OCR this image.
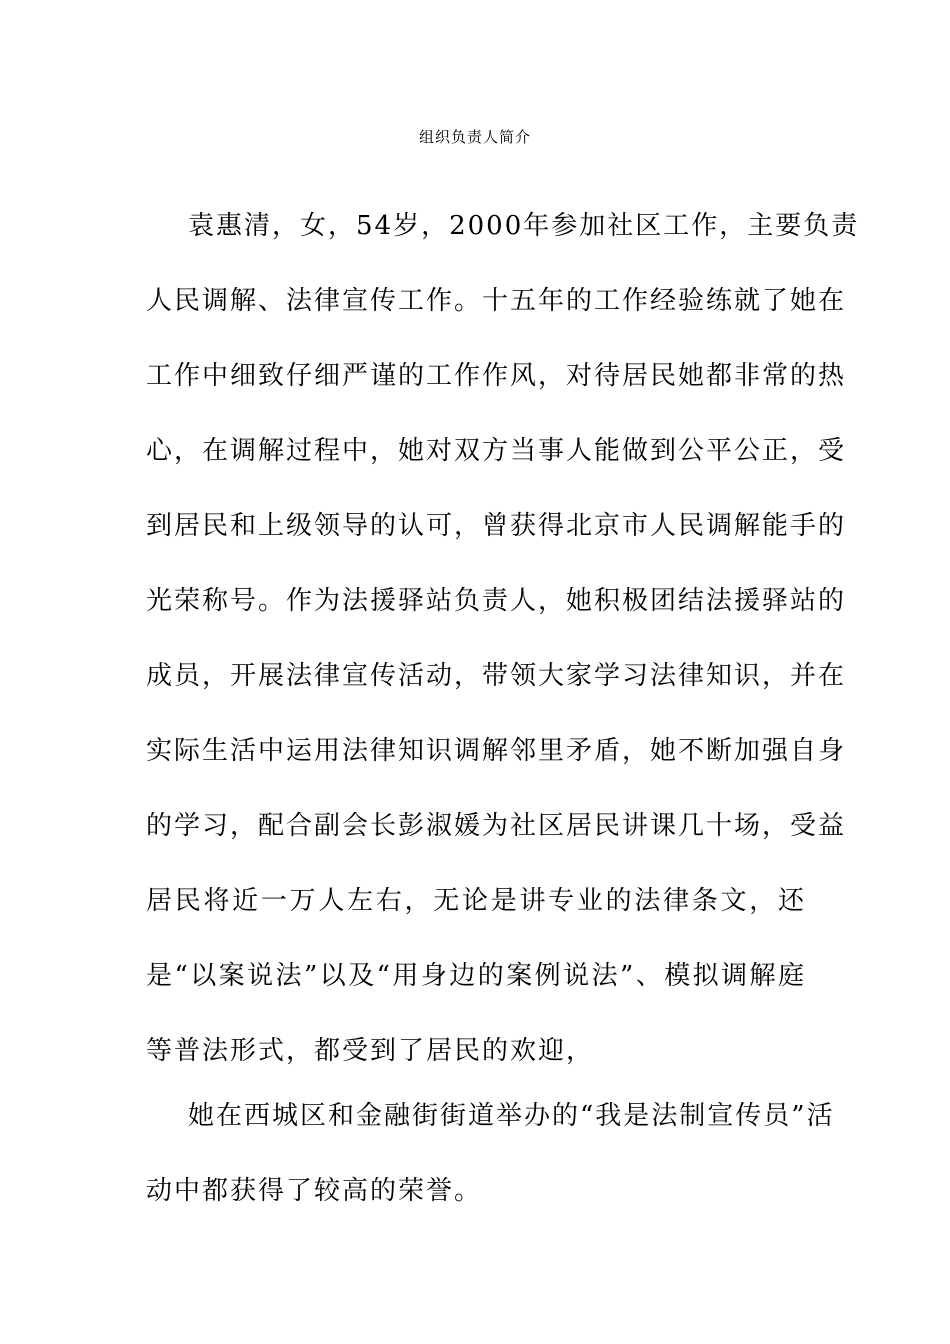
组织负责人简介
袁惠清，女，54岁，2000年参加社区工作，主要负责
人民调解、法律宣传工作。十五年的工作经验练就了她在
工作中细致仔细严谨的工作作风，对待居民她都非常的热
心，在调解过程中，她对双方当事人能做到公平公正，受
到居民和上级领导的认可，曾获得北京市人民调解能手的
光荣称号。作为法援驿站负责人，她积极团结法援驿站的
成员，开展法律宣传活动，带领大家学习法律知识，并在
实际生活中运用法律知识调解邻里矛盾，她不断加强自身
的学习，配合副会长彭淑媛为社区居民讲课几十场，受益
居民将近一万人左右，无论是讲专业的法律条文，还
是“以案说法”以及“用身边的案例说法”、模拟调解庭
等普法形式，都受到了居民的欢迎，
她在西城区和金融街街道举办的“我是法制宣传员”活
动中都获得了较高的荣誉。
